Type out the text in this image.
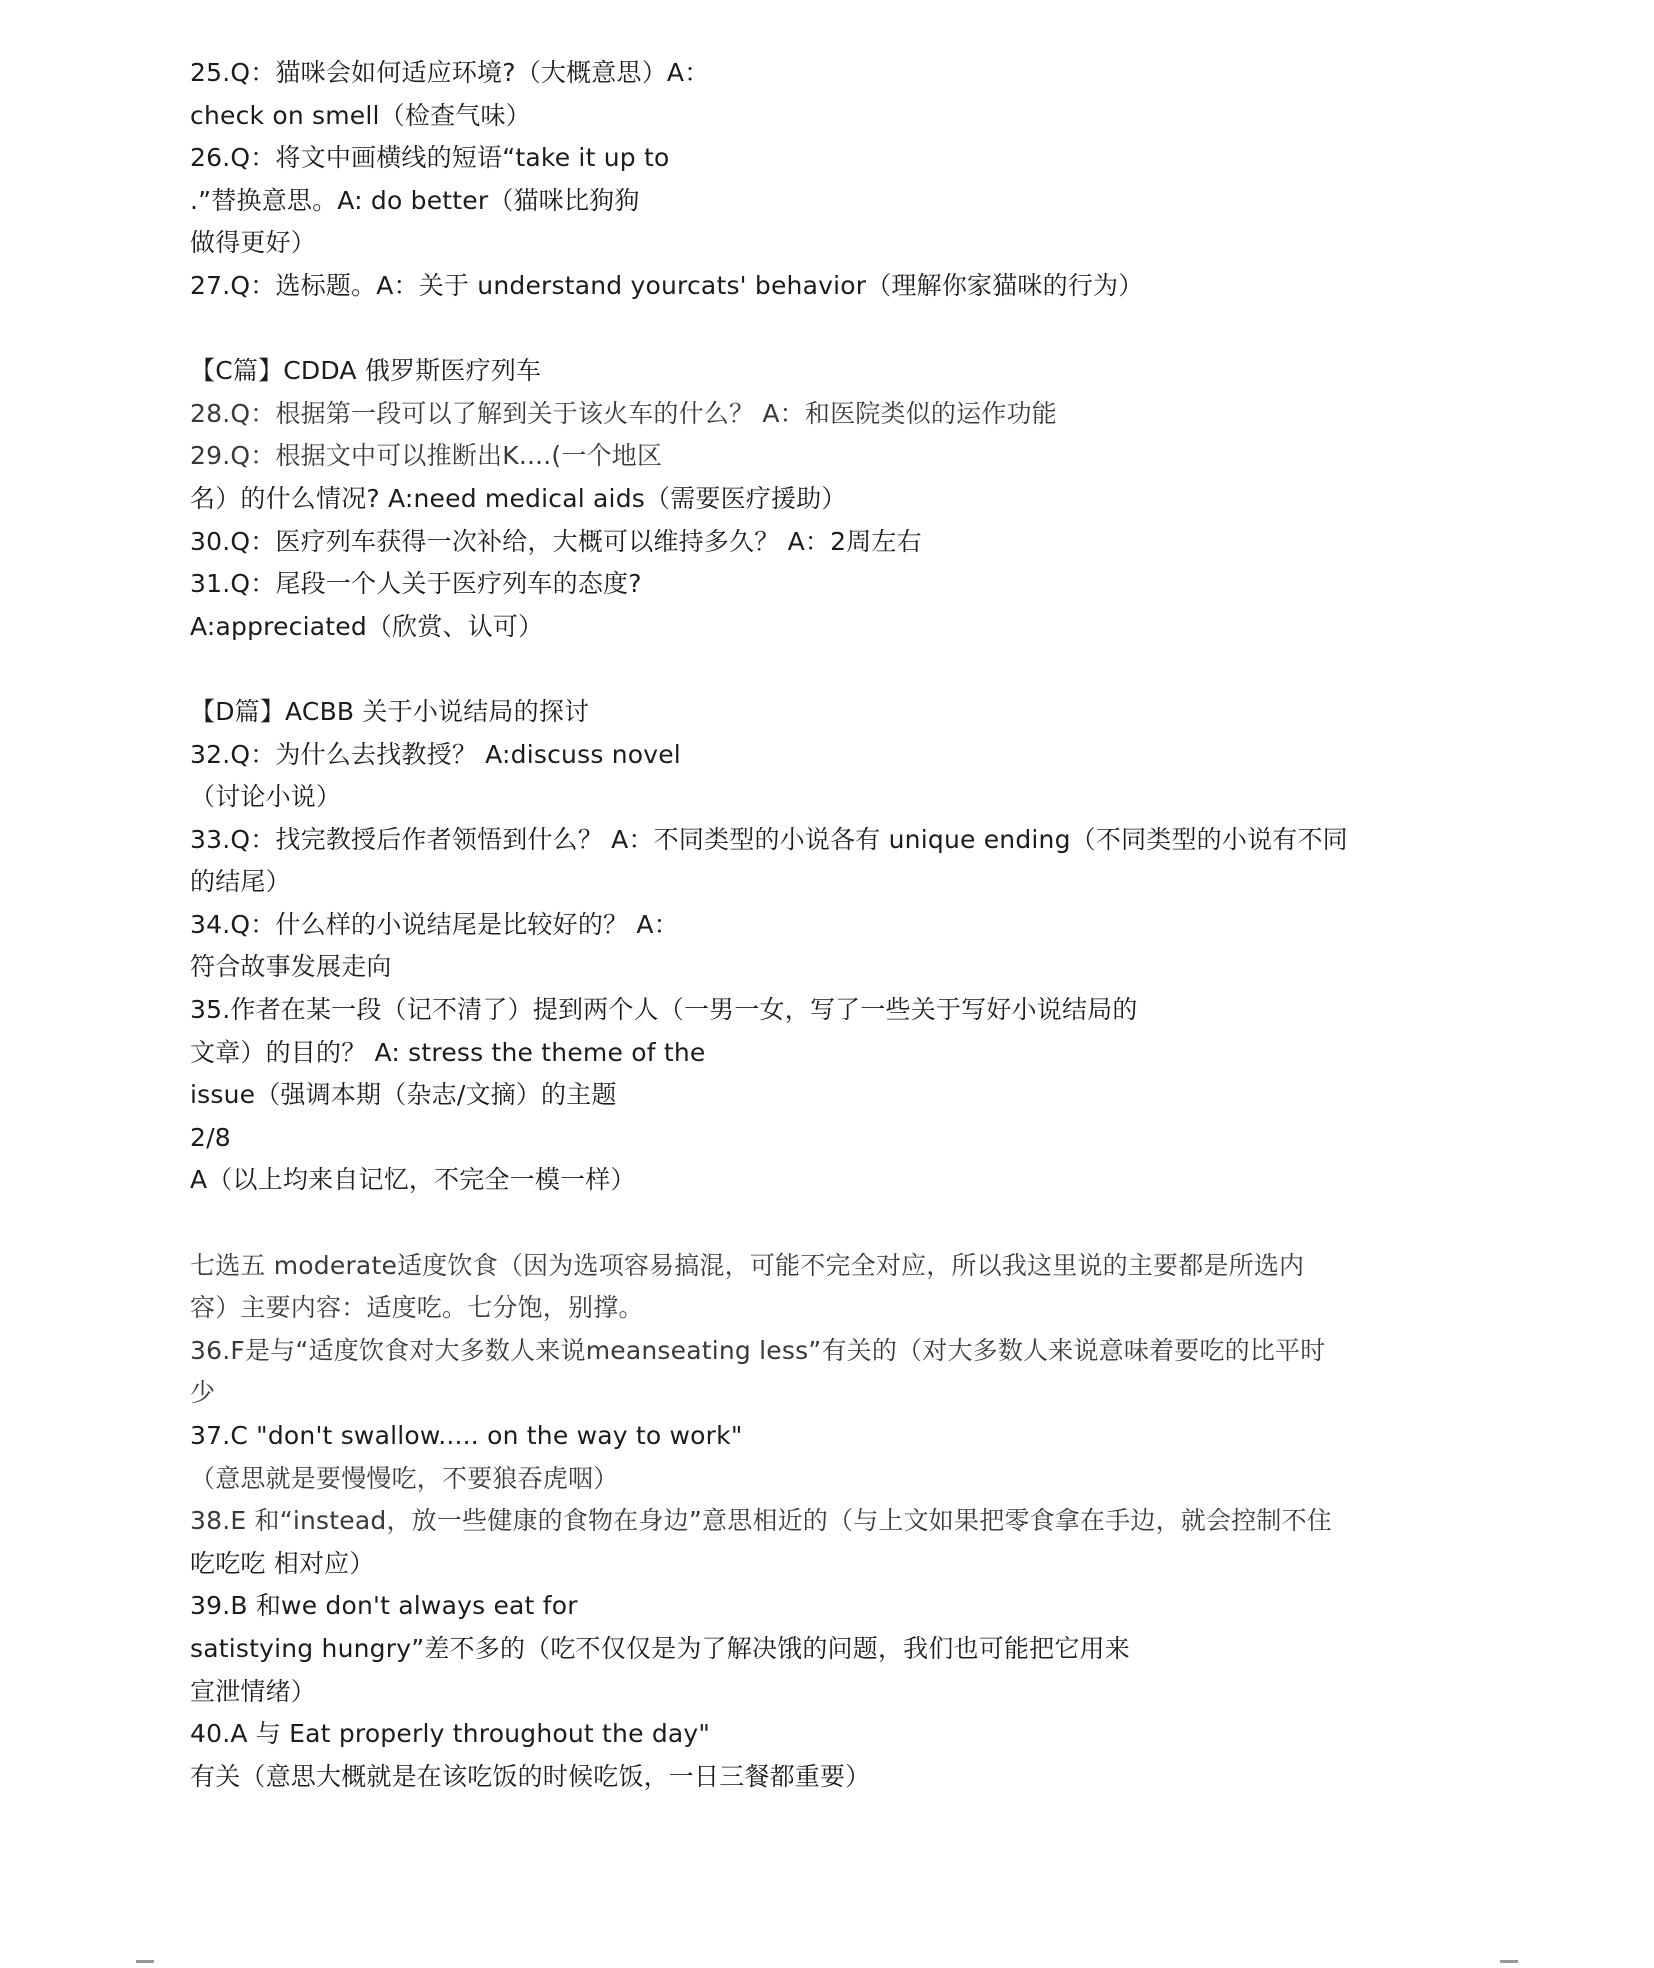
25.Q：猫咪会如何适应环境?（大概意思）A：
check on smell（检查气味）
26.Q：将文中画横线的短语“take it up to
.”替换意思。A: do better（猫咪比狗狗
做得更好）
27.Q：选标题。A：关于 understand yourcats' behavior（理解你家猫咪的行为）
【C篇】CDDA 俄罗斯医疗列车
28.Q：根据第一段可以了解到关于该火车的什么？ A：和医院类似的运作功能
29.Q：根据文中可以推断出K....(一个地区
名）的什么情况? A:need medical aids（需要医疗援助）
30.Q：医疗列车获得一次补给，大概可以维持多久？ A：2周左右
31.Q：尾段一个人关于医疗列车的态度?
A:appreciated（欣赏、认可）
【D篇】ACBB 关于小说结局的探讨
32.Q：为什么去找教授？ A:discuss novel
（讨论小说）
33.Q：找完教授后作者领悟到什么？ A：不同类型的小说各有 unique ending（不同类型的小说有不同
的结尾）
34.Q：什么样的小说结尾是比较好的？ A：
符合故事发展走向
35.作者在某一段（记不清了）提到两个人（一男一女，写了一些关于写好小说结局的
文章）的目的？ A: stress the theme of the
issue（强调本期（杂志/文摘）的主题
2/8
A（以上均来自记忆，不完全一模一样）
七选五 moderate适度饮食（因为选项容易搞混，可能不完全对应，所以我这里说的主要都是所选内
容）主要内容：适度吃。七分饱，别撑。
36.F是与“适度饮食对大多数人来说meanseating less”有关的（对大多数人来说意味着要吃的比平时
少
37.C "don't swallow..... on the way to work"
（意思就是要慢慢吃，不要狼吞虎咽）
38.E 和“instead，放一些健康的食物在身边”意思相近的（与上文如果把零食拿在手边，就会控制不住
吃吃吃 相对应）
39.B 和we don't always eat for
satistying hungry”差不多的（吃不仅仅是为了解决饿的问题，我们也可能把它用来
宣泄情绪）
40.A 与 Eat properly throughout the day"
有关（意思大概就是在该吃饭的时候吃饭，一日三餐都重要）
